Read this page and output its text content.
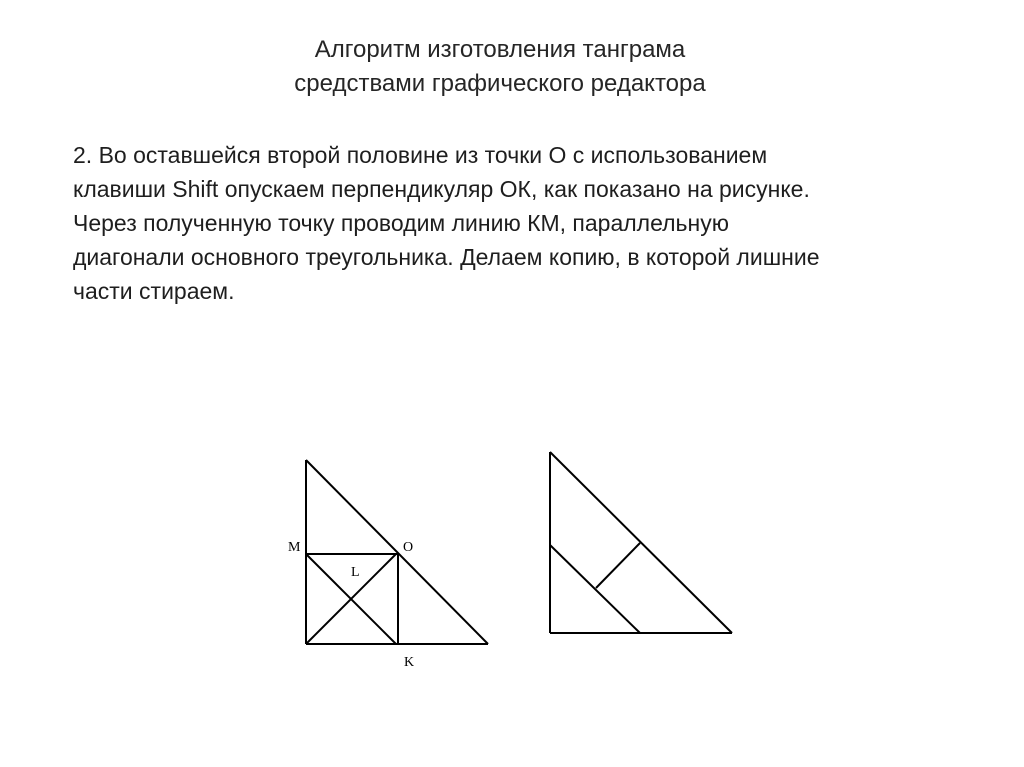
Алгоритм изготовления танграма
средствами графического редактора
2. Во оставшейся второй половине из точки О с использованием
клавиши Shift опускаем перпендикуляр ОК, как показано на рисунке.
Через полученную точку проводим линию КМ, параллельную
диагонали основного треугольника. Делаем копию, в которой лишние
части стираем.
M	O
L
K
